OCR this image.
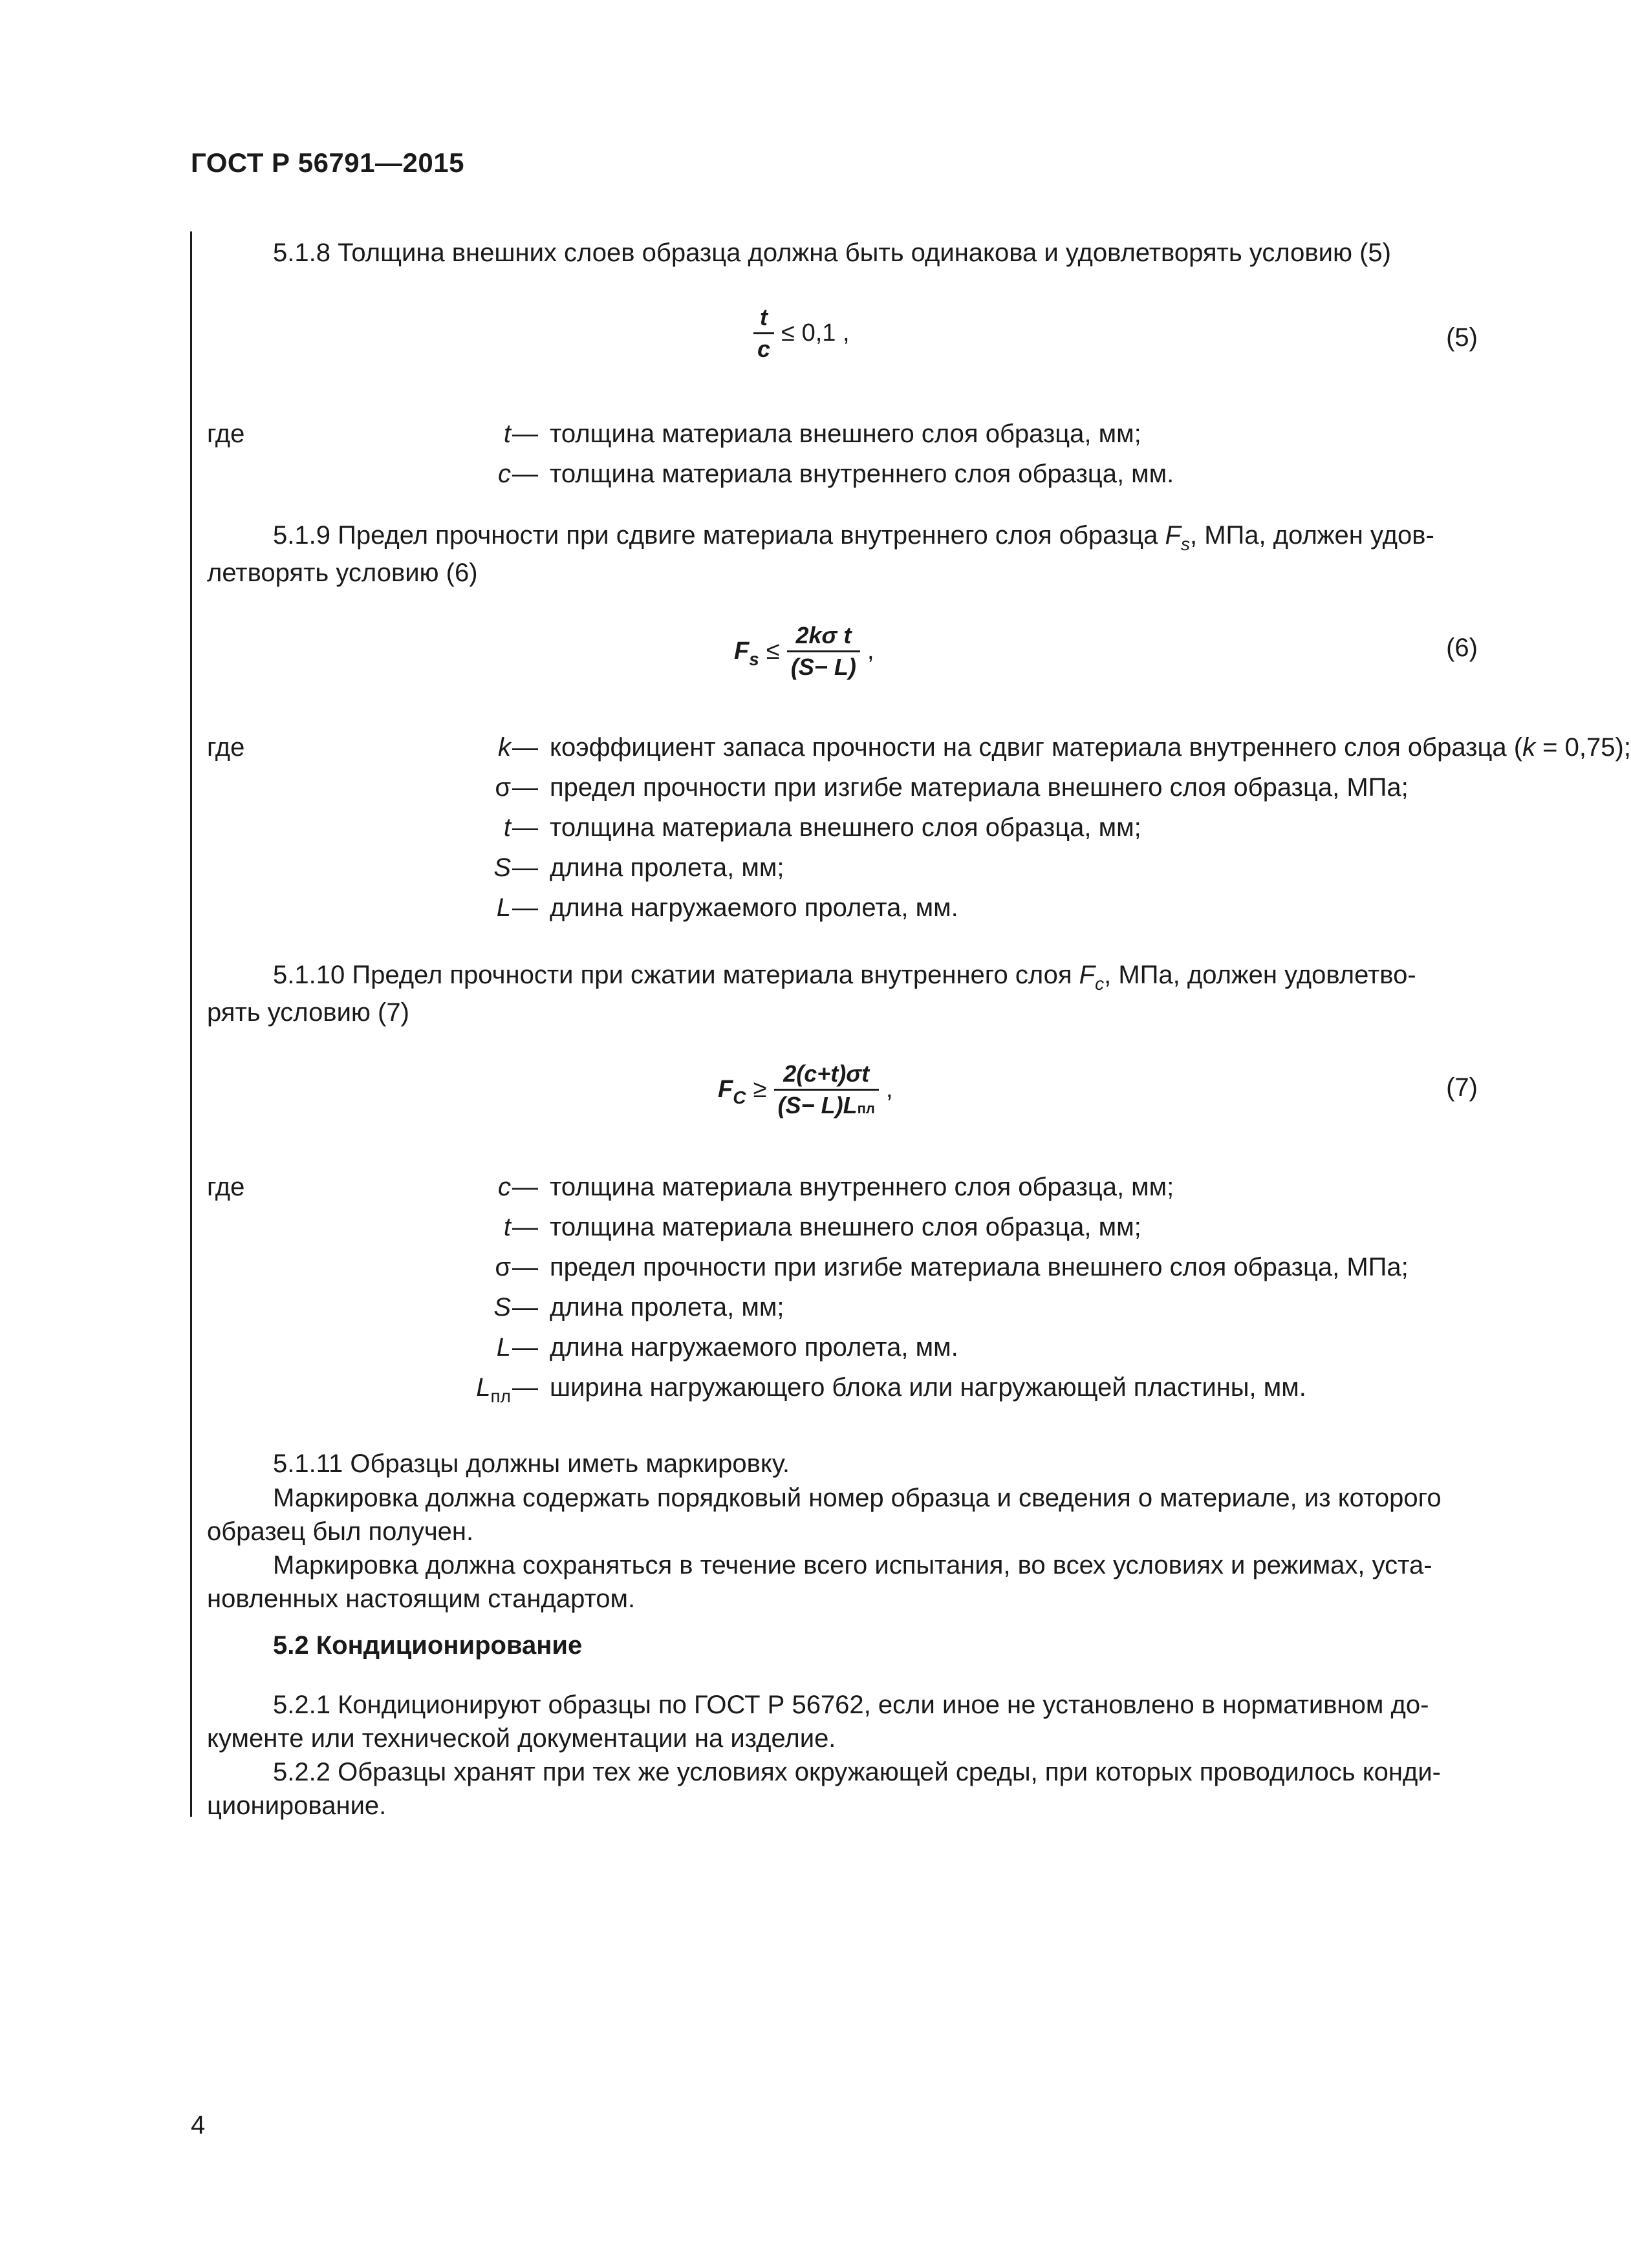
ГОСТ Р 56791—2015
5.1.8 Толщина внешних слоев образца должна быть одинакова и удовлетворять условию (5)
$\frac{t}{c} \le 0,1$ ,	(5)
где	t — толщина материала внешнего слоя образца, мм;
c — толщина материала внутреннего слоя образца, мм.
5.1.9 Предел прочности при сдвиге материала внутреннего слоя образца $F_s$, МПа, должен удов-
летворять условию (6)
$F_s \le \frac{\text{2kσ t}}{(S- L)}$ ,	(6)
где	k — коэффициент запаса прочности на сдвиг материала внутреннего слоя образца (k = 0,75);
σ — предел прочности при изгибе материала внешнего слоя образца, МПа;
t — толщина материала внешнего слоя образца, мм;
S — длина пролета, мм;
L — длина нагружаемого пролета, мм.
5.1.10 Предел прочности при сжатии материала внутреннего слоя $F_c$, МПа, должен удовлетво-
рять условию (7)
$F_C \ge \frac{2(c+t)\sigma t}{\text{(S− L)Lпл}}$ ,	(7)
где	c — толщина материала внутреннего слоя образца, мм;
t — толщина материала внешнего слоя образца, мм;
σ — предел прочности при изгибе материала внешнего слоя образца, МПа;
S — длина пролета, мм;
L — длина нагружаемого пролета, мм.
$L_{пл}$ — ширина нагружающего блока или нагружающей пластины, мм.
5.1.11 Образцы должны иметь маркировку.
Маркировка должна содержать порядковый номер образца и сведения о материале, из которого
образец был получен.
Маркировка должна сохраняться в течение всего испытания, во всех условиях и режимах, уста-
новленных настоящим стандартом.
5.2 Кондиционирование
5.2.1 Кондиционируют образцы по ГОСТ Р 56762, если иное не установлено в нормативном до-
кументе или технической документации на изделие.
5.2.2 Образцы хранят при тех же условиях окружающей среды, при которых проводилось конди-
ционирование.
4
